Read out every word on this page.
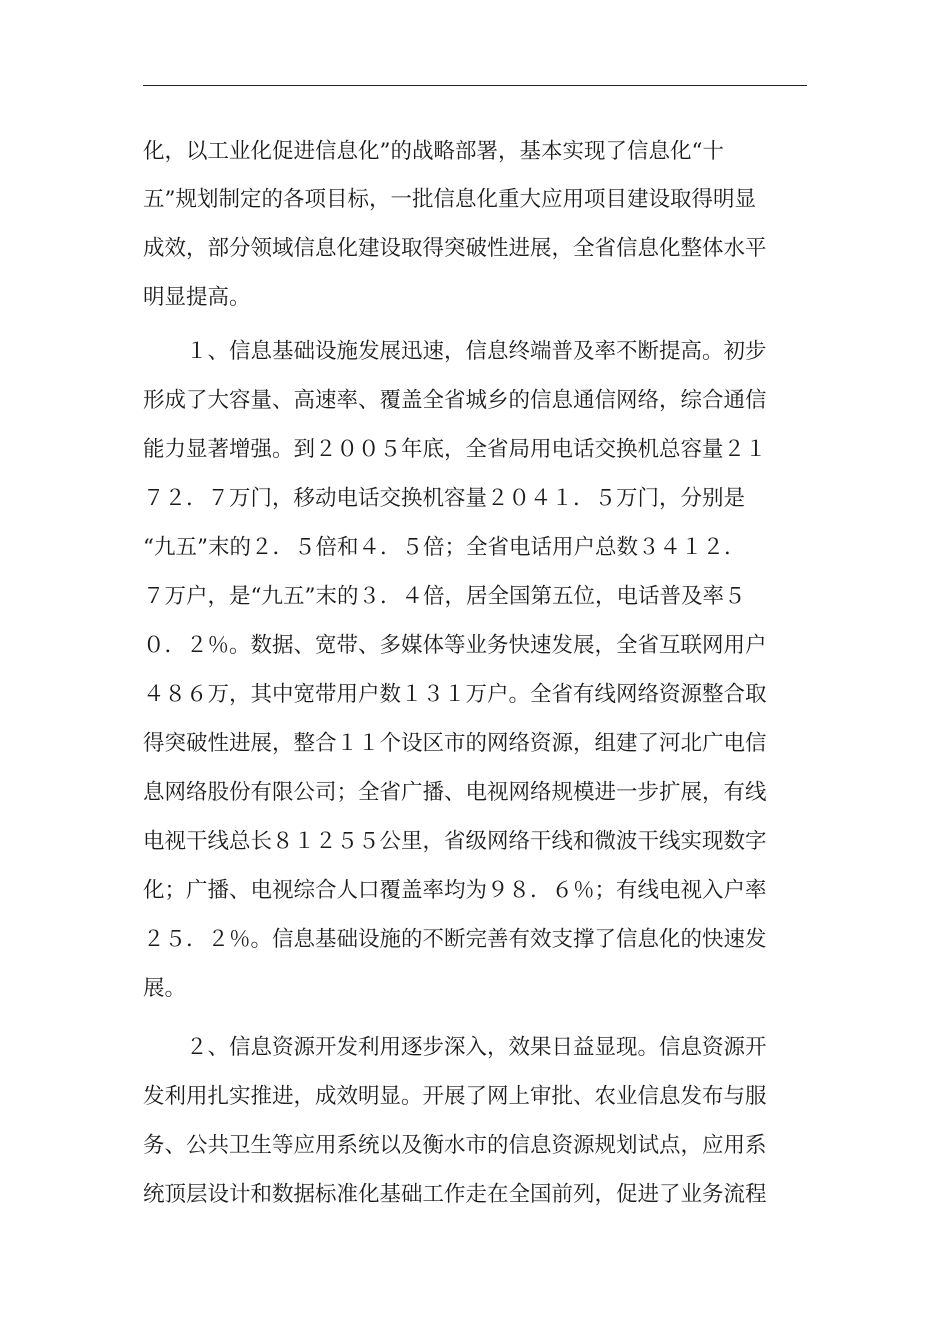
化，以工业化促进信息化”的战略部署，基本实现了信息化“十
五”规划制定的各项目标，一批信息化重大应用项目建设取得明显
成效，部分领域信息化建设取得突破性进展，全省信息化整体水平
明显提高。
１、信息基础设施发展迅速，信息终端普及率不断提高。初步
形成了大容量、高速率、覆盖全省城乡的信息通信网络，综合通信
能力显著增强。到２００５年底，全省局用电话交换机总容量２１
７２．７万门，移动电话交换机容量２０４１．５万门，分别是
“九五”末的２．５倍和４．５倍；全省电话用户总数３４１２．
７万户，是“九五”末的３．４倍，居全国第五位，电话普及率５
０．２％。数据、宽带、多媒体等业务快速发展，全省互联网用户
４８６万，其中宽带用户数１３１万户。全省有线网络资源整合取
得突破性进展，整合１１个设区市的网络资源，组建了河北广电信
息网络股份有限公司；全省广播、电视网络规模进一步扩展，有线
电视干线总长８１２５５公里，省级网络干线和微波干线实现数字
化；广播、电视综合人口覆盖率均为９８．６％；有线电视入户率
２５．２％。信息基础设施的不断完善有效支撑了信息化的快速发
展。
２、信息资源开发利用逐步深入，效果日益显现。信息资源开
发利用扎实推进，成效明显。开展了网上审批、农业信息发布与服
务、公共卫生等应用系统以及衡水市的信息资源规划试点，应用系
统顶层设计和数据标准化基础工作走在全国前列，促进了业务流程
